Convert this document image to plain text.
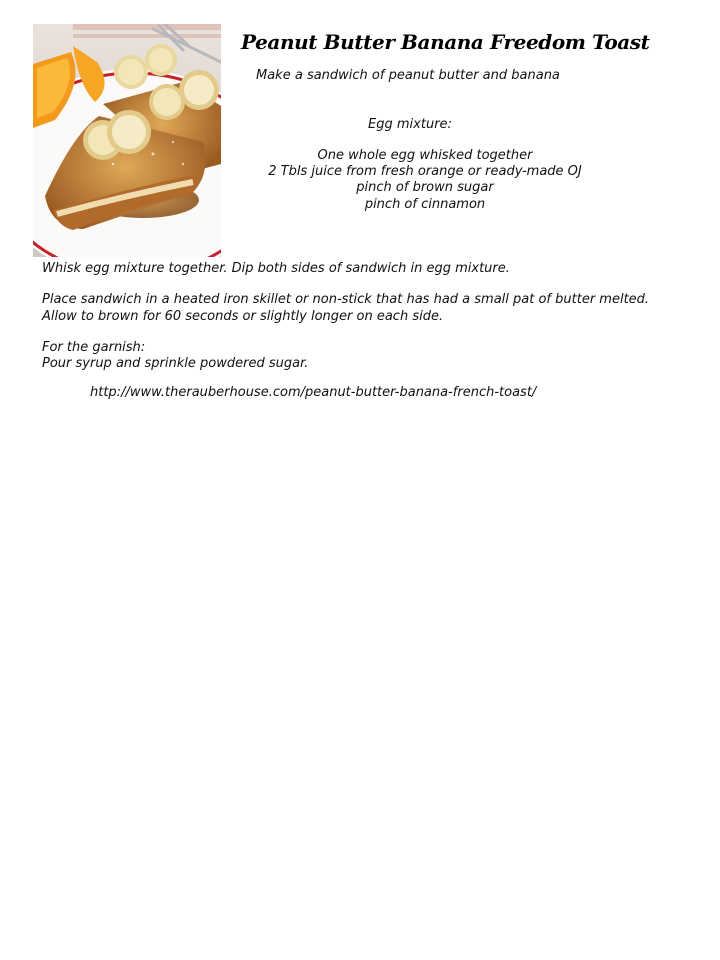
Peanut Butter Banana Freedom Toast

Make a sandwich of peanut butter and banana

Egg mixture:

One whole egg whisked together

2 Tbls juice from fresh orange or ready-made OJ

pinch of brown sugar

pinch of cinnamon

Whisk egg mixture together. Dip both sides of sandwich in egg mixture.

Place sandwich in a heated iron skillet or non-stick that has had a small pat of butter melted.

Allow to brown for 60 seconds or slightly longer on each side.

For the garnish:

Pour syrup and sprinkle powdered sugar.

http://www.therauberhouse.com/peanut-butter-banana-french-toast/
